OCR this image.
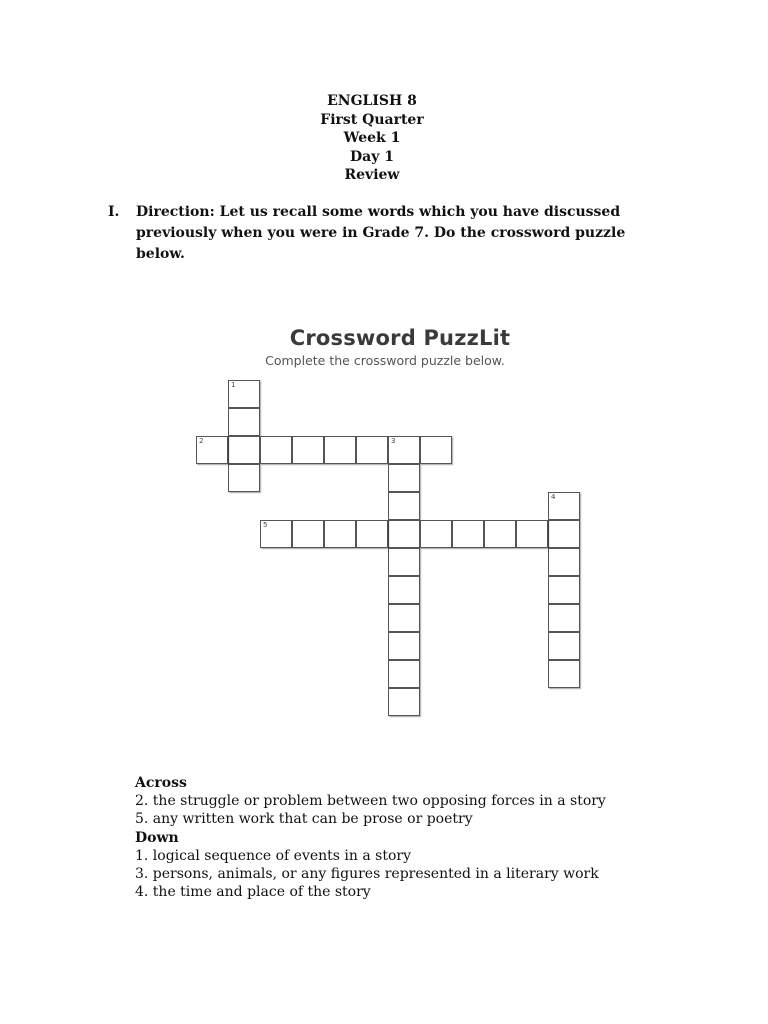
ENGLISH 8
First Quarter
Week 1
Day 1
Review
I.	Direction: Let us recall some words which you have discussed previously when you were in Grade 7. Do the crossword puzzle below.
Crossword PuzzLit
Complete the crossword puzzle below.
1
2	3
4
5
Across
2. the struggle or problem between two opposing forces in a story
5. any written work that can be prose or poetry
Down
1. logical sequence of events in a story
3. persons, animals, or any figures represented in a literary work
4. the time and place of the story
